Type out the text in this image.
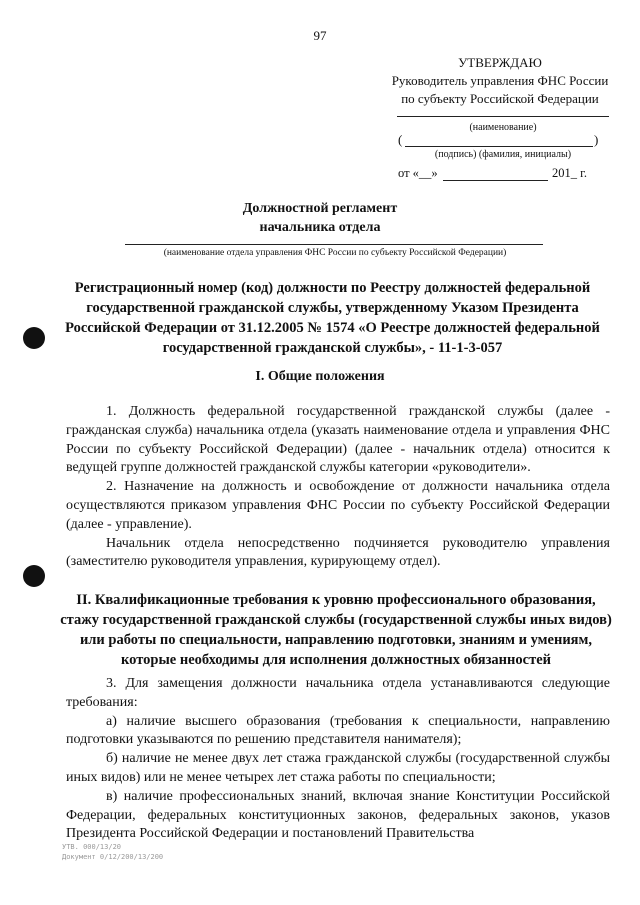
97
УТВЕРЖДАЮ
Руководитель управления ФНС России
по субъекту Российской Федерации
(наименование)
(	)
(подпись) (фамилия, инициалы)
от «__»	201_ г.
Должностной регламент
начальника отдела
(наименование отдела управления ФНС России по субъекту Российской Федерации)
Регистрационный номер (код) должности по Реестру должностей федеральной государственной гражданской службы, утвержденному Указом Президента Российской Федерации от 31.12.2005 № 1574 «О Реестре должностей федеральной государственной гражданской службы», - 11-1-3-057
I. Общие положения

1. Должность федеральной государственной гражданской службы (далее - гражданская служба) начальника отдела (указать наименование отдела и управления ФНС России по субъекту Российской Федерации) (далее - начальник отдела) относится к ведущей группе должностей гражданской службы категории «руководители».

2. Назначение на должность и освобождение от должности начальника отдела осуществляются приказом управления ФНС России по субъекту Российской Федерации (далее - управление).

Начальник отдела непосредственно подчиняется руководителю управления (заместителю руководителя управления, курирующему отдел).

II. Квалификационные требования к уровню профессионального образования, стажу государственной гражданской службы (государственной службы иных видов) или работы по специальности, направлению подготовки, знаниям и умениям, которые необходимы для исполнения должностных обязанностей

3. Для замещения должности начальника отдела устанавливаются следующие требования:

а) наличие высшего образования (требования к специальности, направлению подготовки указываются по решению представителя нанимателя);

б) наличие не менее двух лет стажа гражданской службы (государственной службы иных видов) или не менее четырех лет стажа работы по специальности;

в) наличие профессиональных знаний, включая знание Конституции Российской Федерации, федеральных конституционных законов, федеральных законов, указов Президента Российской Федерации и постановлений Правительства

УТВ. 000/13/20
Документ 0/12/200/13/200
